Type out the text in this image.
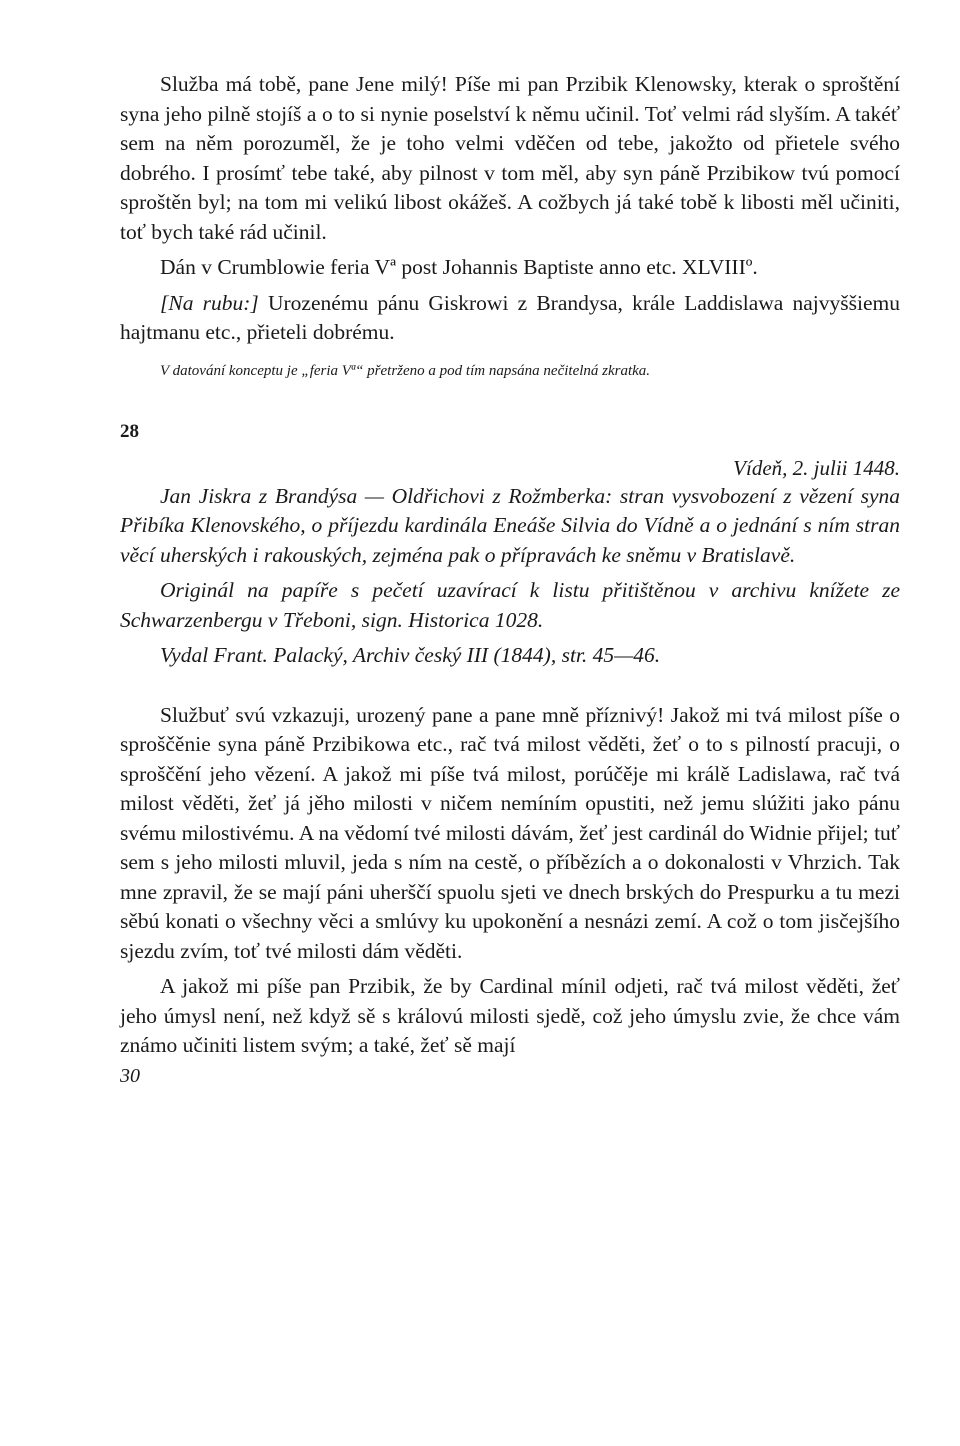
Služba má tobě, pane Jene milý! Píše mi pan Przibik Klenowsky, kterak o sproštění syna jeho pilně stojíš a o to si nynie poselství k němu učinil. Toť velmi rád slyším. A takéť sem na něm porozuměl, že je toho velmi vděčen od tebe, jakožto od přietele svého dobrého. I prosímť tebe také, aby pilnost v tom měl, aby syn páně Przibikow tvú pomocí sproštěn byl; na tom mi velikú libost okážeš. A cožbych já také tobě k libosti měl učiniti, toť bych také rád učinil.

Dán v Crumblowie feria Vª post Johannis Baptiste anno etc. XLVIIIº.

[Na rubu:] Urozenému pánu Giskrowi z Brandysa, krále Laddislawa najvyššiemu hajtmanu etc., přieteli dobrému.

V datování konceptu je „feria Vª“ přetrženo a pod tím napsána nečitelná zkratka.

28

Vídeň, 2. julii 1448.

Jan Jiskra z Brandýsa — Oldřichovi z Rožmberka: stran vysvobození z vězení syna Přibíka Klenovského, o příjezdu kardinála Eneáše Silvia do Vídně a o jednání s ním stran věcí uherských i rakouských, zejména pak o přípravách ke sněmu v Bratislavě.

Originál na papíře s pečetí uzavírací k listu přitištěnou v archivu knížete ze Schwarzenbergu v Třeboni, sign. Historica 1028.

Vydal Frant. Palacký, Archiv český III (1844), str. 45—46.

Službuť svú vzkazuji, urozený pane a pane mně příznivý! Jakož mi tvá milost píše o sproščěnie syna páně Przibikowa etc., rač tvá milost věděti, žeť o to s pilností pracuji, o sproščění jeho vězení. A jakož mi píše tvá milost, porúčěje mi králě Ladislawa, rač tvá milost věděti, žeť já jěho milosti v ničem nemíním opustiti, než jemu slúžiti jako pánu svému milostivému. A na vědomí tvé milosti dávám, žeť jest cardinál do Widnie přijel; tuť sem s jeho milosti mluvil, jeda s ním na cestě, o příbězích a o dokonalosti v Vhrzich. Tak mne zpravil, že se mají páni uherščí spuolu sjeti ve dnech brských do Prespurku a tu mezi sěbú konati o všechny věci a smlúvy ku upokonění a nesnázi zemí. A což o tom jisčejšího sjezdu zvím, toť tvé milosti dám věděti.

A jakož mi píše pan Przibik, že by Cardinal mínil odjeti, rač tvá milost věděti, žeť jeho úmysl není, než když sě s královú milosti sjedě, což jeho úmyslu zvie, že chce vám známo učiniti listem svým; a také, žeť sě mají

30
